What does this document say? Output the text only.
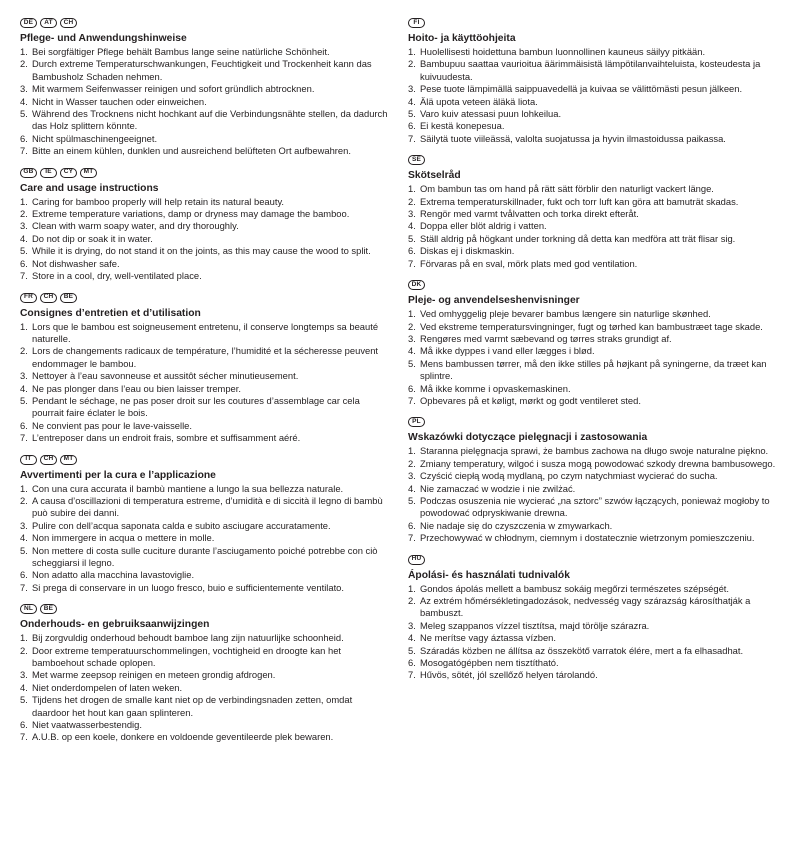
DE	AT	CH
Pflege- und Anwendungshinweise
1. Bei sorgfältiger Pflege behält Bambus lange seine natürliche Schönheit.
2. Durch extreme Temperaturschwankungen, Feuchtigkeit und Trockenheit kann das Bambusholz Schaden nehmen.
3. Mit warmem Seifenwasser reinigen und sofort gründlich abtrocknen.
4. Nicht in Wasser tauchen oder einweichen.
5. Während des Trocknens nicht hochkant auf die Verbindungsnähte stellen, da dadurch das Holz splittern könnte.
6. Nicht spülmaschinengeeignet.
7. Bitte an einem kühlen, dunklen und ausreichend belüfteten Ort aufbewahren.
GB	IE	CY	MT
Care and usage instructions
1. Caring for bamboo properly will help retain its natural beauty.
2. Extreme temperature variations, damp or dryness may damage the bamboo.
3. Clean with warm soapy water, and dry thoroughly.
4. Do not dip or soak it in water.
5. While it is drying, do not stand it on the joints, as this may cause the wood to split.
6. Not dishwasher safe.
7. Store in a cool, dry, well-ventilated place.
FR	CH	BE
Consignes d’entretien et d’utilisation
1. Lors que le bambou est soigneusement entretenu, il conserve longtemps sa beauté naturelle.
2. Lors de changements radicaux de température, l’humidité et la sécheresse peuvent endommager le bambou.
3. Nettoyer à l’eau savonneuse et aussitôt sécher minutieusement.
4. Ne pas plonger dans l’eau ou bien laisser tremper.
5. Pendant le séchage, ne pas poser droit sur les coutures d’assemblage car cela pourrait faire éclater le bois.
6. Ne convient pas pour le lave-vaisselle.
7. L’entreposer dans un endroit frais, sombre et suffisamment aéré.
IT	CH	MT
Avvertimenti per la cura e l’applicazione
1. Con una cura accurata il bambù mantiene a lungo la sua bellezza naturale.
2. A causa d’oscillazioni di temperatura estreme, d’umidità e di siccità il legno di bambù può subire dei danni.
3. Pulire con dell’acqua saponata calda e subito asciugare accuratamente.
4. Non immergere in acqua o mettere in molle.
5. Non mettere di costa sulle cuciture durante l’asciugamento poiché potrebbe con ciò scheggiarsi il legno.
6. Non adatto alla macchina lavastoviglie.
7. Si prega di conservare in un luogo fresco, buio e sufficientemente ventilato.
NL	BE
Onderhouds- en gebruiksaanwijzingen
1. Bij zorgvuldig onderhoud behoudt bamboe lang zijn natuurlijke schoonheid.
2. Door extreme temperatuurschommelingen, vochtigheid en droogte kan het bamboehout schade oplopen.
3. Met warme zeepsop reinigen en meteen grondig afdrogen.
4. Niet onderdompelen of laten weken.
5. Tijdens het drogen de smalle kant niet op de verbindingsnaden zetten, omdat daardoor het hout kan gaan splinteren.
6. Niet vaatwasserbestendig.
7. A.U.B. op een koele, donkere en voldoende geventileerde plek bewaren.
FI
Hoito- ja käyttöohjeita
1. Huolellisesti hoidettuna bambun luonnollinen kauneus säilyy pitkään.
2. Bambupuu saattaa vaurioitua äärimmäisistä lämpötilanvaihteluista, kosteudesta ja kuivuudesta.
3. Pese tuote lämpimällä saippuavedellä ja kuivaa se välittömästi pesun jälkeen.
4. Älä upota veteen äläkä liota.
5. Varo kuiv atessasi puun lohkeilua.
6. Ei kestä konepesua.
7. Säilytä tuote viileässä, valolta suojatussa ja hyvin ilmastoidussa paikassa.
SE
Skötselråd
1. Om bambun tas om hand på rätt sätt förblir den naturligt vackert länge.
2. Extrema temperaturskillnader, fukt och torr luft kan göra att bamuträt skadas.
3. Rengör med varmt tvålvatten och torka direkt efteråt.
4. Doppa eller blöt aldrig i vatten.
5. Ställ aldrig på högkant under torkning då detta kan medföra att trät flisar sig.
6. Diskas ej i diskmaskin.
7. Förvaras på en sval, mörk plats med god ventilation.
DK
Pleje- og anvendelseshenvisninger
1. Ved omhyggelig pleje bevarer bambus længere sin naturlige skønhed.
2. Ved ekstreme temperatursvingninger, fugt og tørhed kan bambustræet tage skade.
3. Rengøres med varmt sæbevand og tørres straks grundigt af.
4. Må ikke dyppes i vand eller lægges i blød.
5. Mens bambussen tørrer, må den ikke stilles på højkant på syningerne, da træet kan splintre.
6. Må ikke komme i opvaskemaskinen.
7. Opbevares på et køligt, mørkt og godt ventileret sted.
PL
Wskazówki dotyczące pielęgnacji i zastosowania
1. Staranna pielęgnacja sprawi, że bambus zachowa na długo swoje naturalne piękno.
2. Zmiany temperatury, wilgoć i susza mogą powodować szkody drewna bambusowego.
3. Czyścić ciepłą wodą mydlaną, po czym natychmiast wycierać do sucha.
4. Nie zamaczać w wodzie i nie zwilżać.
5. Podczas osuszenia nie wycierać „na sztorc” szwów łączących, ponieważ mogłoby to powodować odpryskiwanie drewna.
6. Nie nadaje się do czyszczenia w zmywarkach.
7. Przechowywać w chłodnym, ciemnym i dostatecznie wietrzonym pomieszczeniu.
HU
Ápolási- és használati tudnivalók
1. Gondos ápolás mellett a bambusz sokáig megőrzi természetes szépségét.
2. Az extrém hőmérsékletingadozások, nedvesség vagy szárazság károsíthatják a bambuszt.
3. Meleg szappanos vízzel tisztítsa, majd törölje szárazra.
4. Ne merítse vagy áztassa vízben.
5. Száradás közben ne állítsa az összekötő varratok élére, mert a fa elhasadhat.
6. Mosogatógépben nem tisztítható.
7. Hűvös, sötét, jól szellőző helyen tárolandó.
